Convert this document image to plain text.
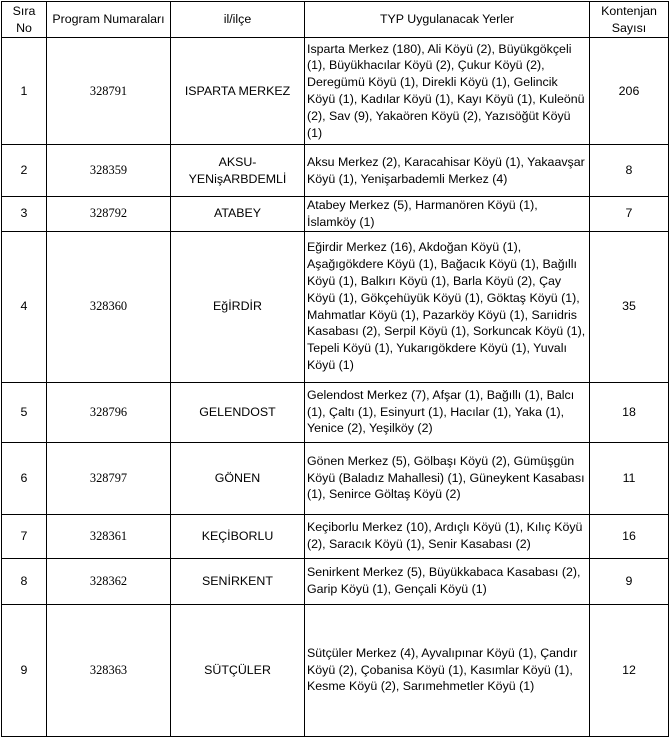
Sıra No	Program Numaraları	il/ilçe	TYP Uygulanacak Yerler	Kontenjan Sayısı
1	328791	ISPARTA MERKEZ	Isparta Merkez (180), Ali Köyü (2), Büyükgökçeli (1), Büyükhacılar Köyü (2), Çukur Köyü (2), Deregümü Köyü (1), Direkli Köyü (1), Gelincik Köyü (1), Kadılar Köyü (1), Kayı Köyü (1), Kuleönü (2), Sav (9), Yakaören Köyü (2), Yazısöğüt Köyü (1)	206
2	328359	AKSU-YENişARBDEMLİ	Aksu Merkez (2), Karacahisar Köyü (1), Yakaavşar Köyü (1), Yenişarbademli Merkez (4)	8
3	328792	ATABEY	Atabey Merkez (5), Harmanören Köyü (1), İslamköy (1)	7
4	328360	EğİRDİR	Eğirdir Merkez (16), Akdoğan Köyü (1), Aşağıgökdere Köyü (1), Bağacık Köyü (1), Bağıllı Köyü (1), Balkırı Köyü (1), Barla Köyü (2), Çay Köyü (1), Gökçehüyük Köyü (1), Göktaş Köyü (1), Mahmatlar Köyü (1), Pazarköy Köyü (1), Sarıidris Kasabası (2), Serpil Köyü (1), Sorkuncak Köyü (1), Tepeli Köyü (1), Yukarıgökdere Köyü (1), Yuvalı Köyü (1)	35
5	328796	GELENDOST	Gelendost Merkez (7), Afşar (1), Bağıllı (1), Balcı (1), Çaltı (1), Esinyurt (1), Hacılar (1), Yaka (1), Yenice (2), Yeşilköy (2)	18
6	328797	GÖNEN	Gönen Merkez (5), Gölbaşı Köyü (2), Gümüşgün Köyü (Baladız Mahallesi) (1), Güneykent Kasabası (1), Senirce Göltaş Köyü (2)	11
7	328361	KEÇİBORLU	Keçiborlu Merkez (10), Ardıçlı Köyü (1), Kılıç Köyü (2), Saracık Köyü (1), Senir Kasabası (2)	16
8	328362	SENİRKENT	Senirkent Merkez (5), Büyükkabaca Kasabası (2), Garip Köyü (1), Gençali Köyü (1)	9
9	328363	SÜTÇÜLER	Sütçüler Merkez (4), Ayvalıpınar Köyü (1), Çandır Köyü (2), Çobanisa Köyü (1), Kasımlar Köyü (1), Kesme Köyü (2), Sarımehmetler Köyü (1)	12
